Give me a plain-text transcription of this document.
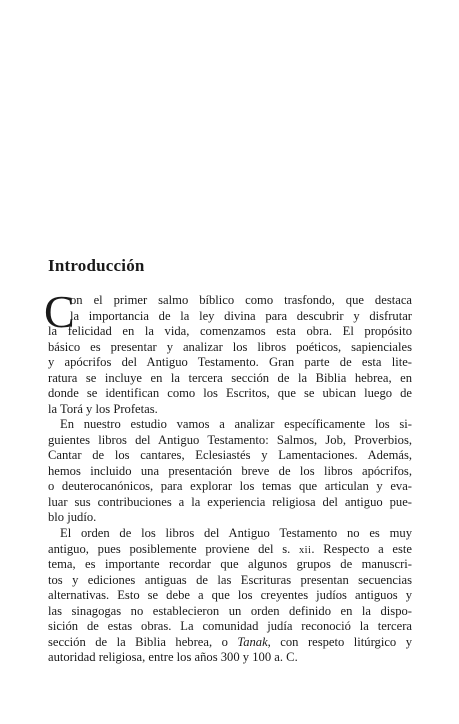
Introducción
C
on el primer salmo bíblico como trasfondo, que destaca
la importancia de la ley divina para descubrir y disfrutar
la felicidad en la vida, comenzamos esta obra. El propósito
básico es presentar y analizar los libros poéticos, sapienciales
y apócrifos del Antiguo Testamento. Gran parte de esta lite-
ratura se incluye en la tercera sección de la Biblia hebrea, en
donde se identifican como los Escritos, que se ubican luego de
la Torá y los Profetas.
En nuestro estudio vamos a analizar específicamente los si-
guientes libros del Antiguo Testamento: Salmos, Job, Proverbios,
Cantar de los cantares, Eclesiastés y Lamentaciones. Además,
hemos incluido una presentación breve de los libros apócrifos,
o deuterocanónicos, para explorar los temas que articulan y eva-
luar sus contribuciones a la experiencia religiosa del antiguo pue-
blo judío.
El orden de los libros del Antiguo Testamento no es muy
antiguo, pues posiblemente proviene del s. xii. Respecto a este
tema, es importante recordar que algunos grupos de manuscri-
tos y ediciones antiguas de las Escrituras presentan secuencias
alternativas. Esto se debe a que los creyentes judíos antiguos y
las sinagogas no establecieron un orden definido en la dispo-
sición de estas obras. La comunidad judía reconoció la tercera
sección de la Biblia hebrea, o Tanak, con respeto litúrgico y
autoridad religiosa, entre los años 300 y 100 a. C.
